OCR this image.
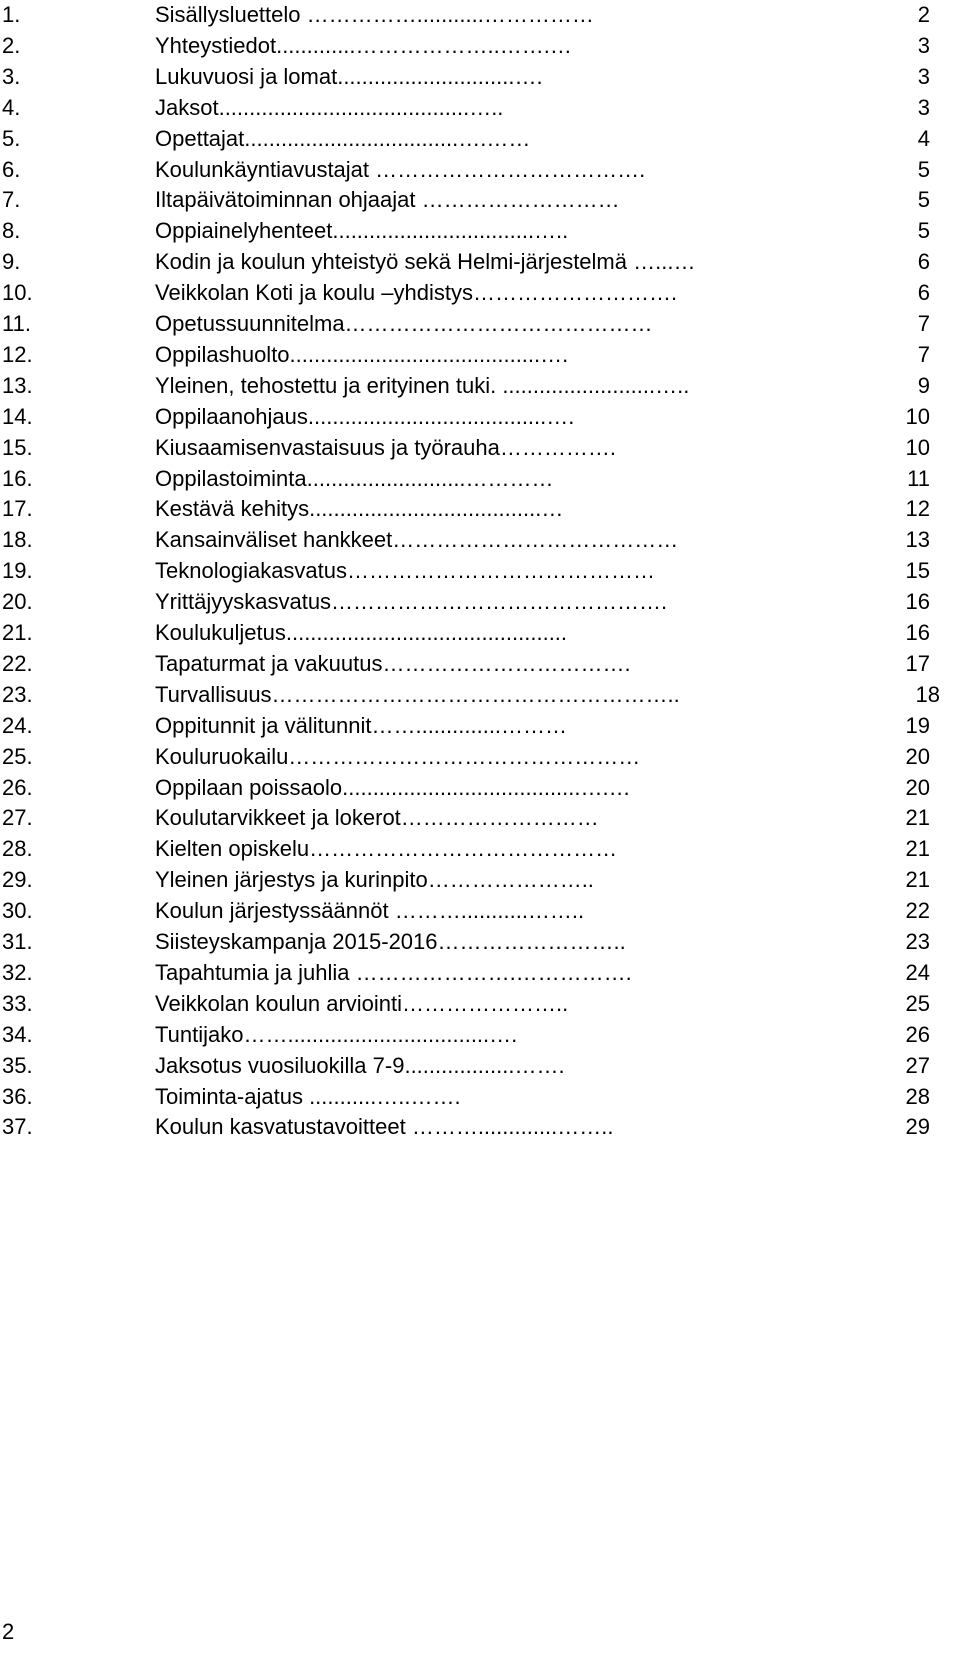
1.	Sisällysluettelo ……………...........……………	2
2.	Yhteystiedot.............………………..…….…	3
3.	Lukuvuosi ja lomat.............................….	3
4.	Jaksot.........................................…..	3
5.	Opettajat...................................….……	4
6.	Koulunkäyntiavustajat ……………………………….	5
7.	Iltapäivätoiminnan ohjaajat ………………………	5
8.	Oppiainelyhenteet.................................…..	5
9.	Kodin ja koulun yhteistyö sekä Helmi-järjestelmä …...…	6
10.	Veikkolan Koti ja koulu –yhdistys……………………….	6
11.	Opetussuunnitelma……………………………………	7
12.	Oppilashuolto.........................................….	7
13.	Yleinen, tehostettu ja erityinen tuki. .........................…..	9
14.	Oppilaanohjaus.......................................….	10
15.	Kiusaamisenvastaisuus ja työrauha…………….	10
16.	Oppilastoiminta..........................…………	11
17.	Kestävä kehitys......................................…	12
18.	Kansainväliset hankkeet…………………………………	13
19.	Teknologiakasvatus……………………………………	15
20.	Yrittäjyyskasvatus……………………………………….	16
21.	Koulukuljetus..............................................	16
22.	Tapaturmat ja vakuutus…………………………….	17
23.	Turvallisuus………………………………………………..	18
24.	Oppitunnit ja välitunnit……..............………	19
25.	Kouluruokailu…………………………………………	20
26.	Oppilaan poissaolo.......................................….…	20
27.	Koulutarvikkeet ja lokerot………………………	21
28.	Kielten opiskelu……………………………………	21
29.	Yleinen järjestys ja kurinpito…………………..	21
30.	Koulun järjestyssäännöt ………...........……..	22
31.	Siisteyskampanja 2015-2016……………………..	23
32.	Tapahtumia ja juhlia ………………….…………….	24
33.	Veikkolan koulun arviointi…………………..	25
34.	Tuntijako…….................................….	26
35.	Jaksotus vuosiluokilla 7-9..................…….	27
36.	Toiminta-ajatus ...........…..…….	28
37.	Koulun kasvatustavoitteet ……….............……..	29
2
